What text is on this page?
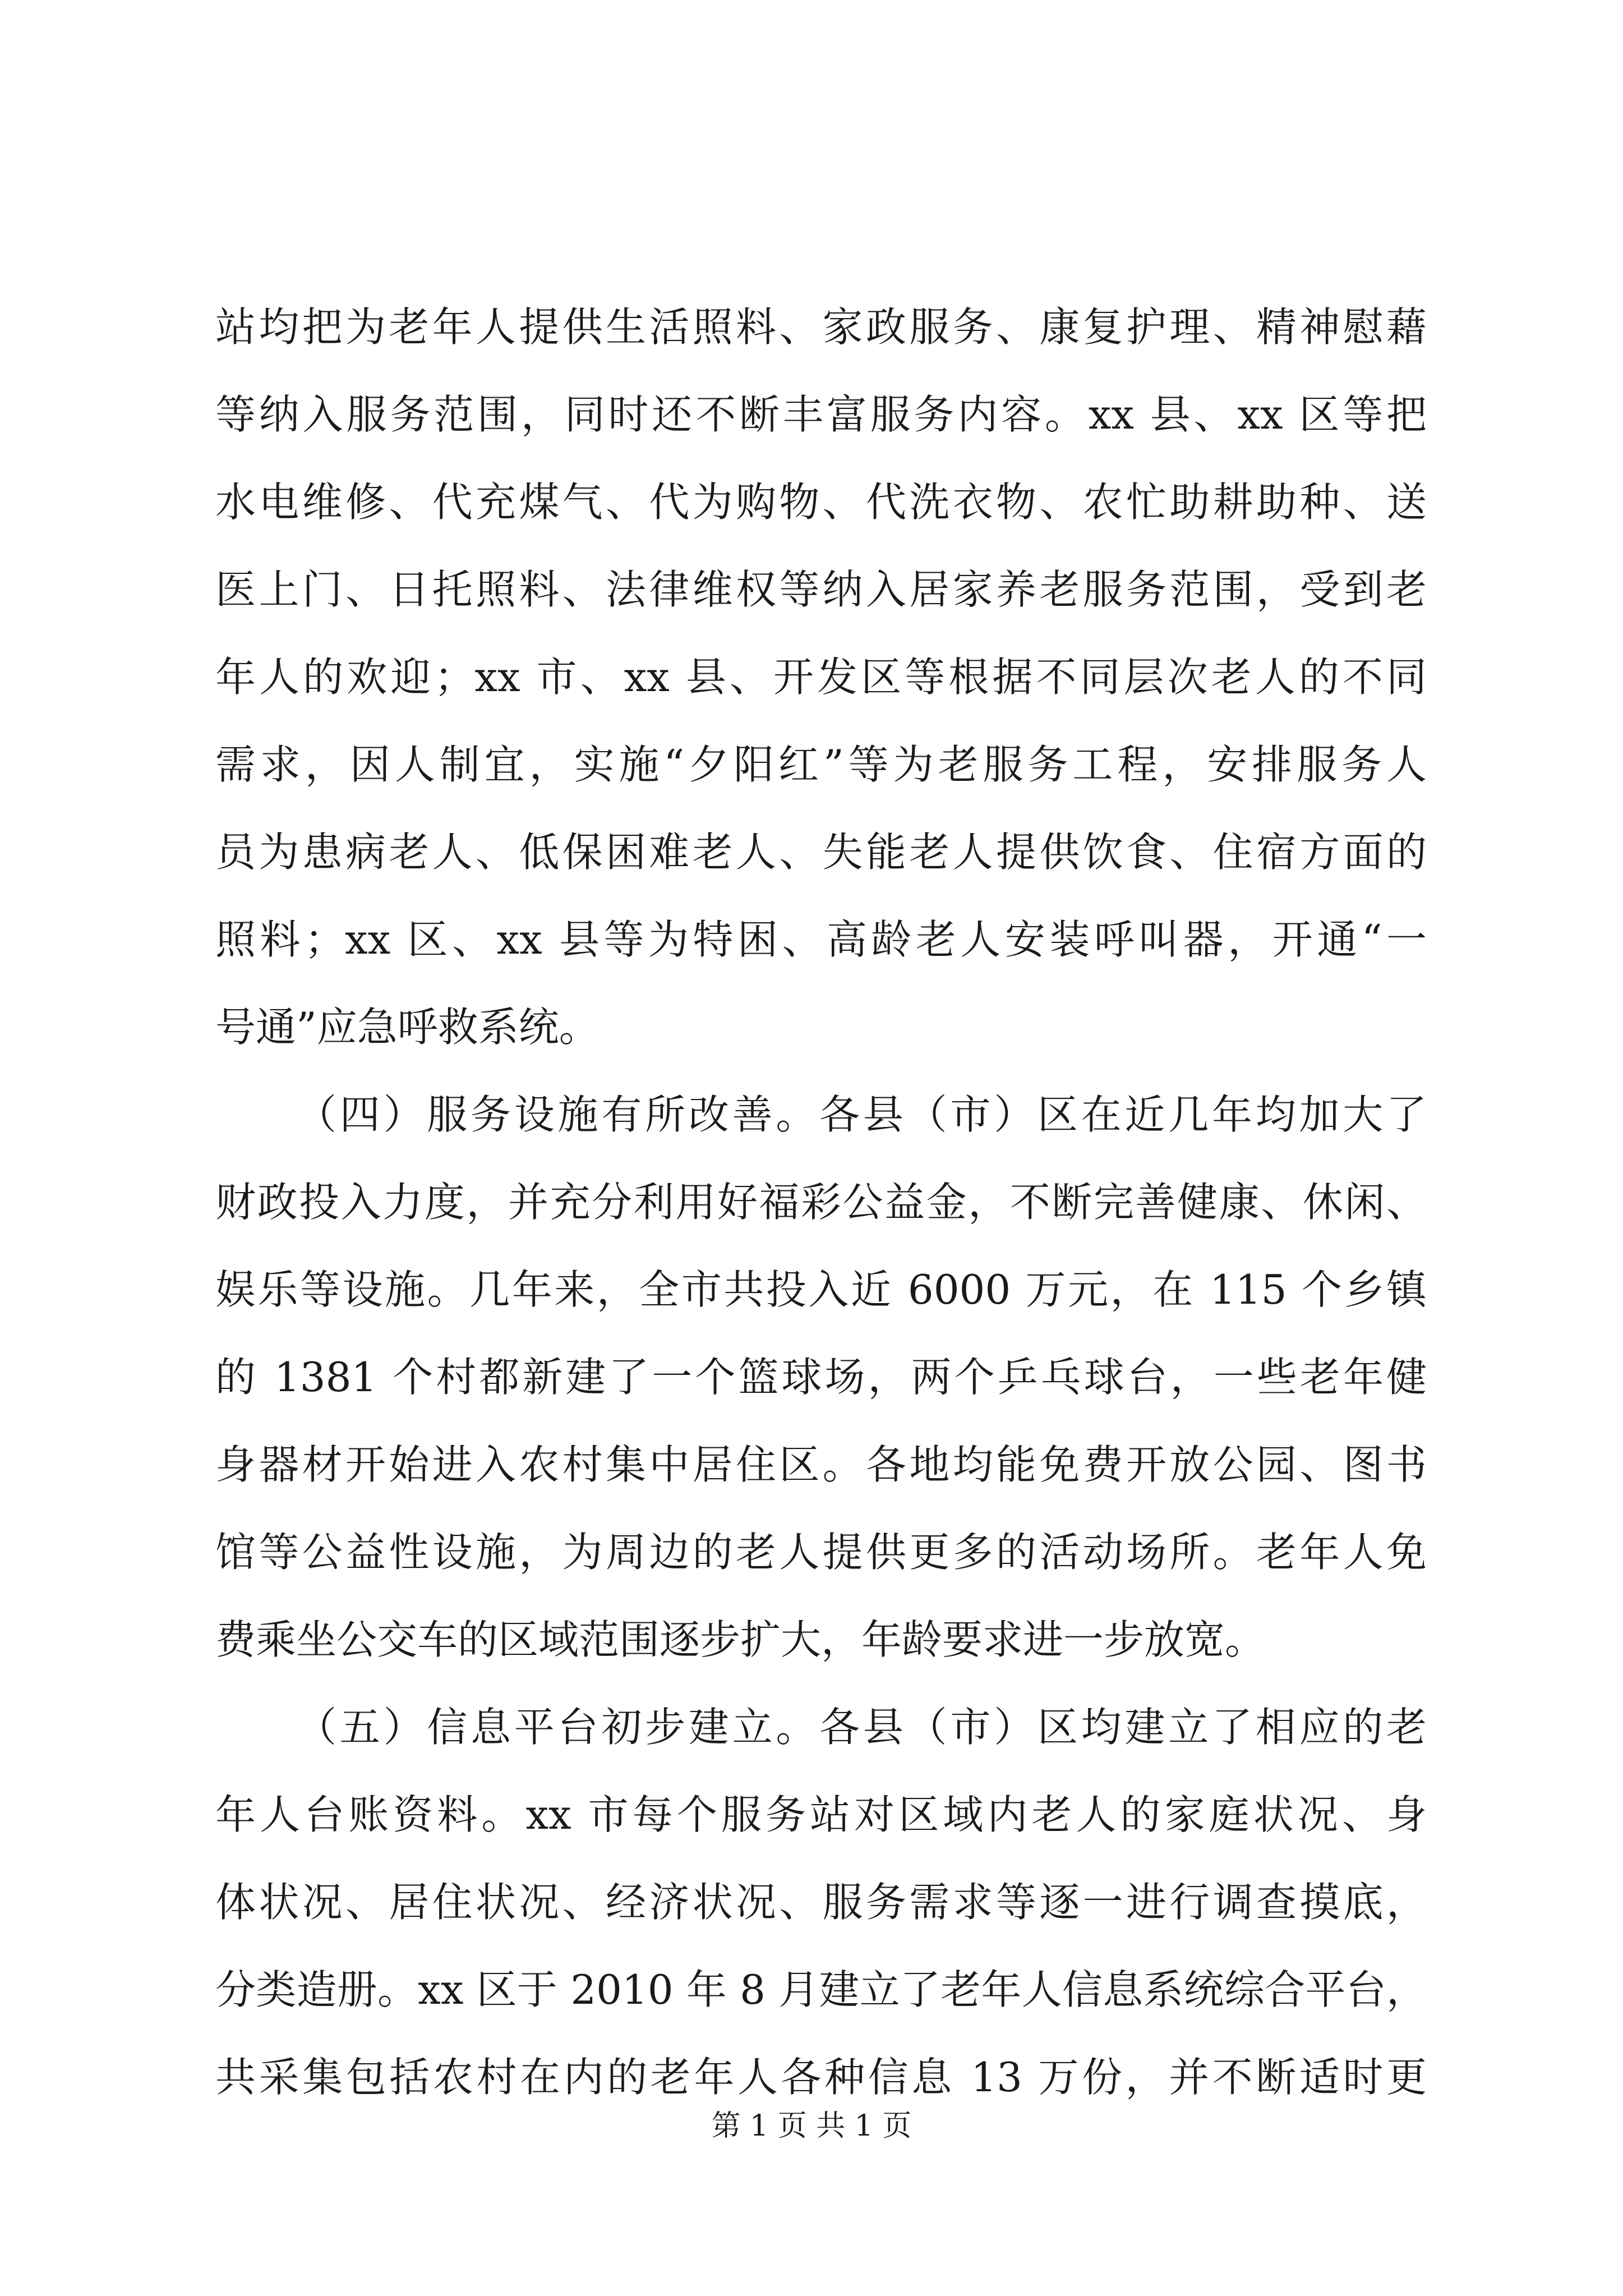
站均把为老年人提供生活照料、家政服务、康复护理、精神慰藉
等纳入服务范围，同时还不断丰富服务内容。xx 县、xx 区等把
水电维修、代充煤气、代为购物、代洗衣物、农忙助耕助种、送
医上门、日托照料、法律维权等纳入居家养老服务范围，受到老
年人的欢迎；xx 市、xx 县、开发区等根据不同层次老人的不同
需求，因人制宜，实施“夕阳红”等为老服务工程，安排服务人
员为患病老人、低保困难老人、失能老人提供饮食、住宿方面的
照料；xx 区、xx 县等为特困、高龄老人安装呼叫器，开通“一
号通”应急呼救系统。
（四）服务设施有所改善。各县（市）区在近几年均加大了
财政投入力度，并充分利用好福彩公益金，不断完善健康、休闲、
娱乐等设施。几年来，全市共投入近 6000 万元，在 115 个乡镇
的 1381 个村都新建了一个篮球场，两个乒乓球台，一些老年健
身器材开始进入农村集中居住区。各地均能免费开放公园、图书
馆等公益性设施，为周边的老人提供更多的活动场所。老年人免
费乘坐公交车的区域范围逐步扩大，年龄要求进一步放宽。
（五）信息平台初步建立。各县（市）区均建立了相应的老
年人台账资料。xx 市每个服务站对区域内老人的家庭状况、身
体状况、居住状况、经济状况、服务需求等逐一进行调查摸底，
分类造册。xx 区于 2010 年 8 月建立了老年人信息系统综合平台，
共采集包括农村在内的老年人各种信息 13 万份，并不断适时更
第 1 页 共 1 页
